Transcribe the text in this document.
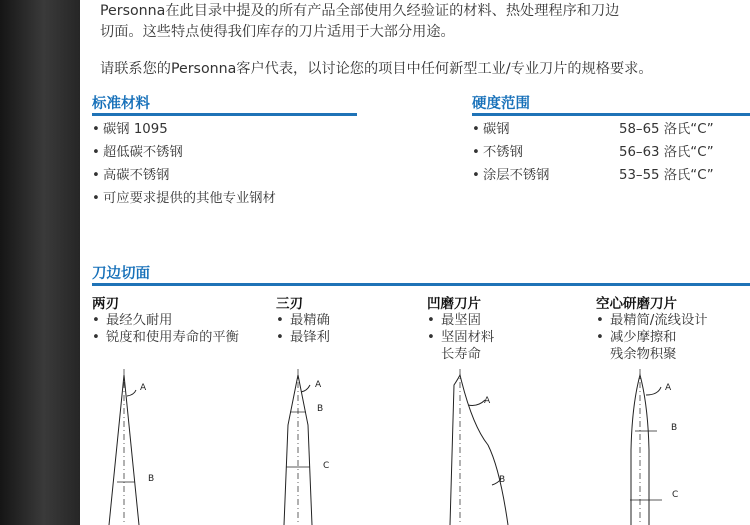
Personna在此目录中提及的所有产品全部使用久经验证的材料、热处理程序和刀边
切面。这些特点使得我们库存的刀片适用于大部分用途。
请联系您的Personna客户代表，以讨论您的项目中任何新型工业/专业刀片的规格要求。
标准材料
• 碳钢 1095
• 超低碳不锈钢
• 高碳不锈钢
• 可应要求提供的其他专业钢材
硬度范围
• 碳钢	58–65 洛氏“C”
• 不锈钢	56–63 洛氏“C”
• 涂层不锈钢	53–55 洛氏“C”
刀边切面
两刃
• 最经久耐用
• 锐度和使用寿命的平衡
三刃
• 最精确
• 最锋利
凹磨刀片
• 最坚固
• 坚固材料
长寿命
空心研磨刀片
• 最精简/流线设计
• 减少摩擦和
残余物积聚
A
B
A
B
C
A
B
A
B
C
